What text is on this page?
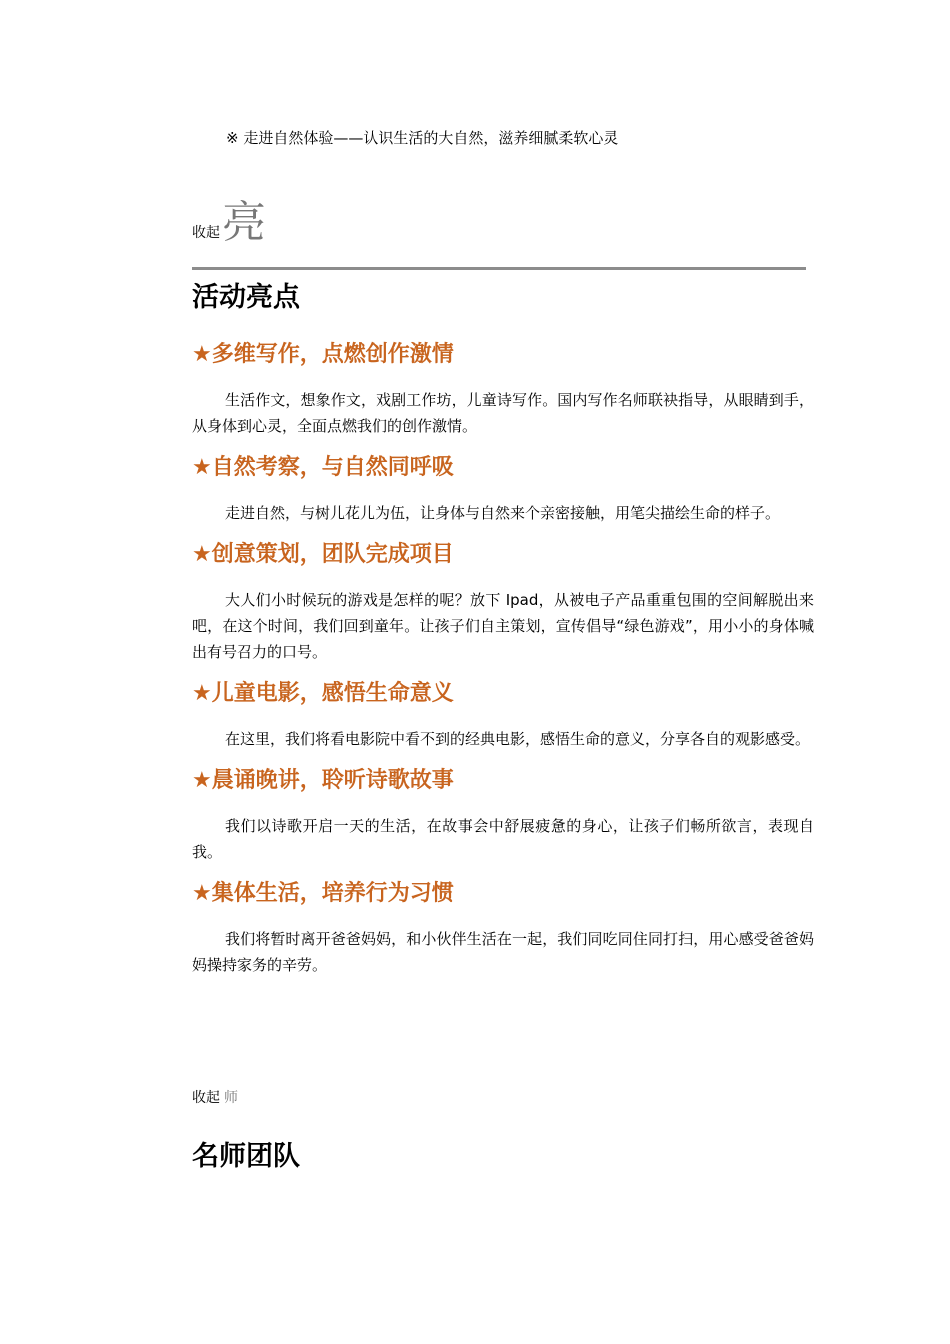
※ 走进自然体验——认识生活的大自然，滋养细腻柔软心灵
收起亮
活动亮点
★多维写作，点燃创作激情

生活作文，想象作文，戏剧工作坊，儿童诗写作。国内写作名师联袂指导，从眼睛到手，从身体到心灵，全面点燃我们的创作激情。

★自然考察，与自然同呼吸

走进自然，与树儿花儿为伍，让身体与自然来个亲密接触，用笔尖描绘生命的样子。

★创意策划，团队完成项目

大人们小时候玩的游戏是怎样的呢？放下 Ipad，从被电子产品重重包围的空间解脱出来吧，在这个时间，我们回到童年。让孩子们自主策划，宣传倡导“绿色游戏”，用小小的身体喊出有号召力的口号。

★儿童电影，感悟生命意义

在这里，我们将看电影院中看不到的经典电影，感悟生命的意义，分享各自的观影感受。

★晨诵晚讲，聆听诗歌故事

我们以诗歌开启一天的生活，在故事会中舒展疲惫的身心，让孩子们畅所欲言，表现自我。

★集体生活，培养行为习惯

我们将暂时离开爸爸妈妈，和小伙伴生活在一起，我们同吃同住同打扫，用心感受爸爸妈妈操持家务的辛劳。

收起 师
名师团队
